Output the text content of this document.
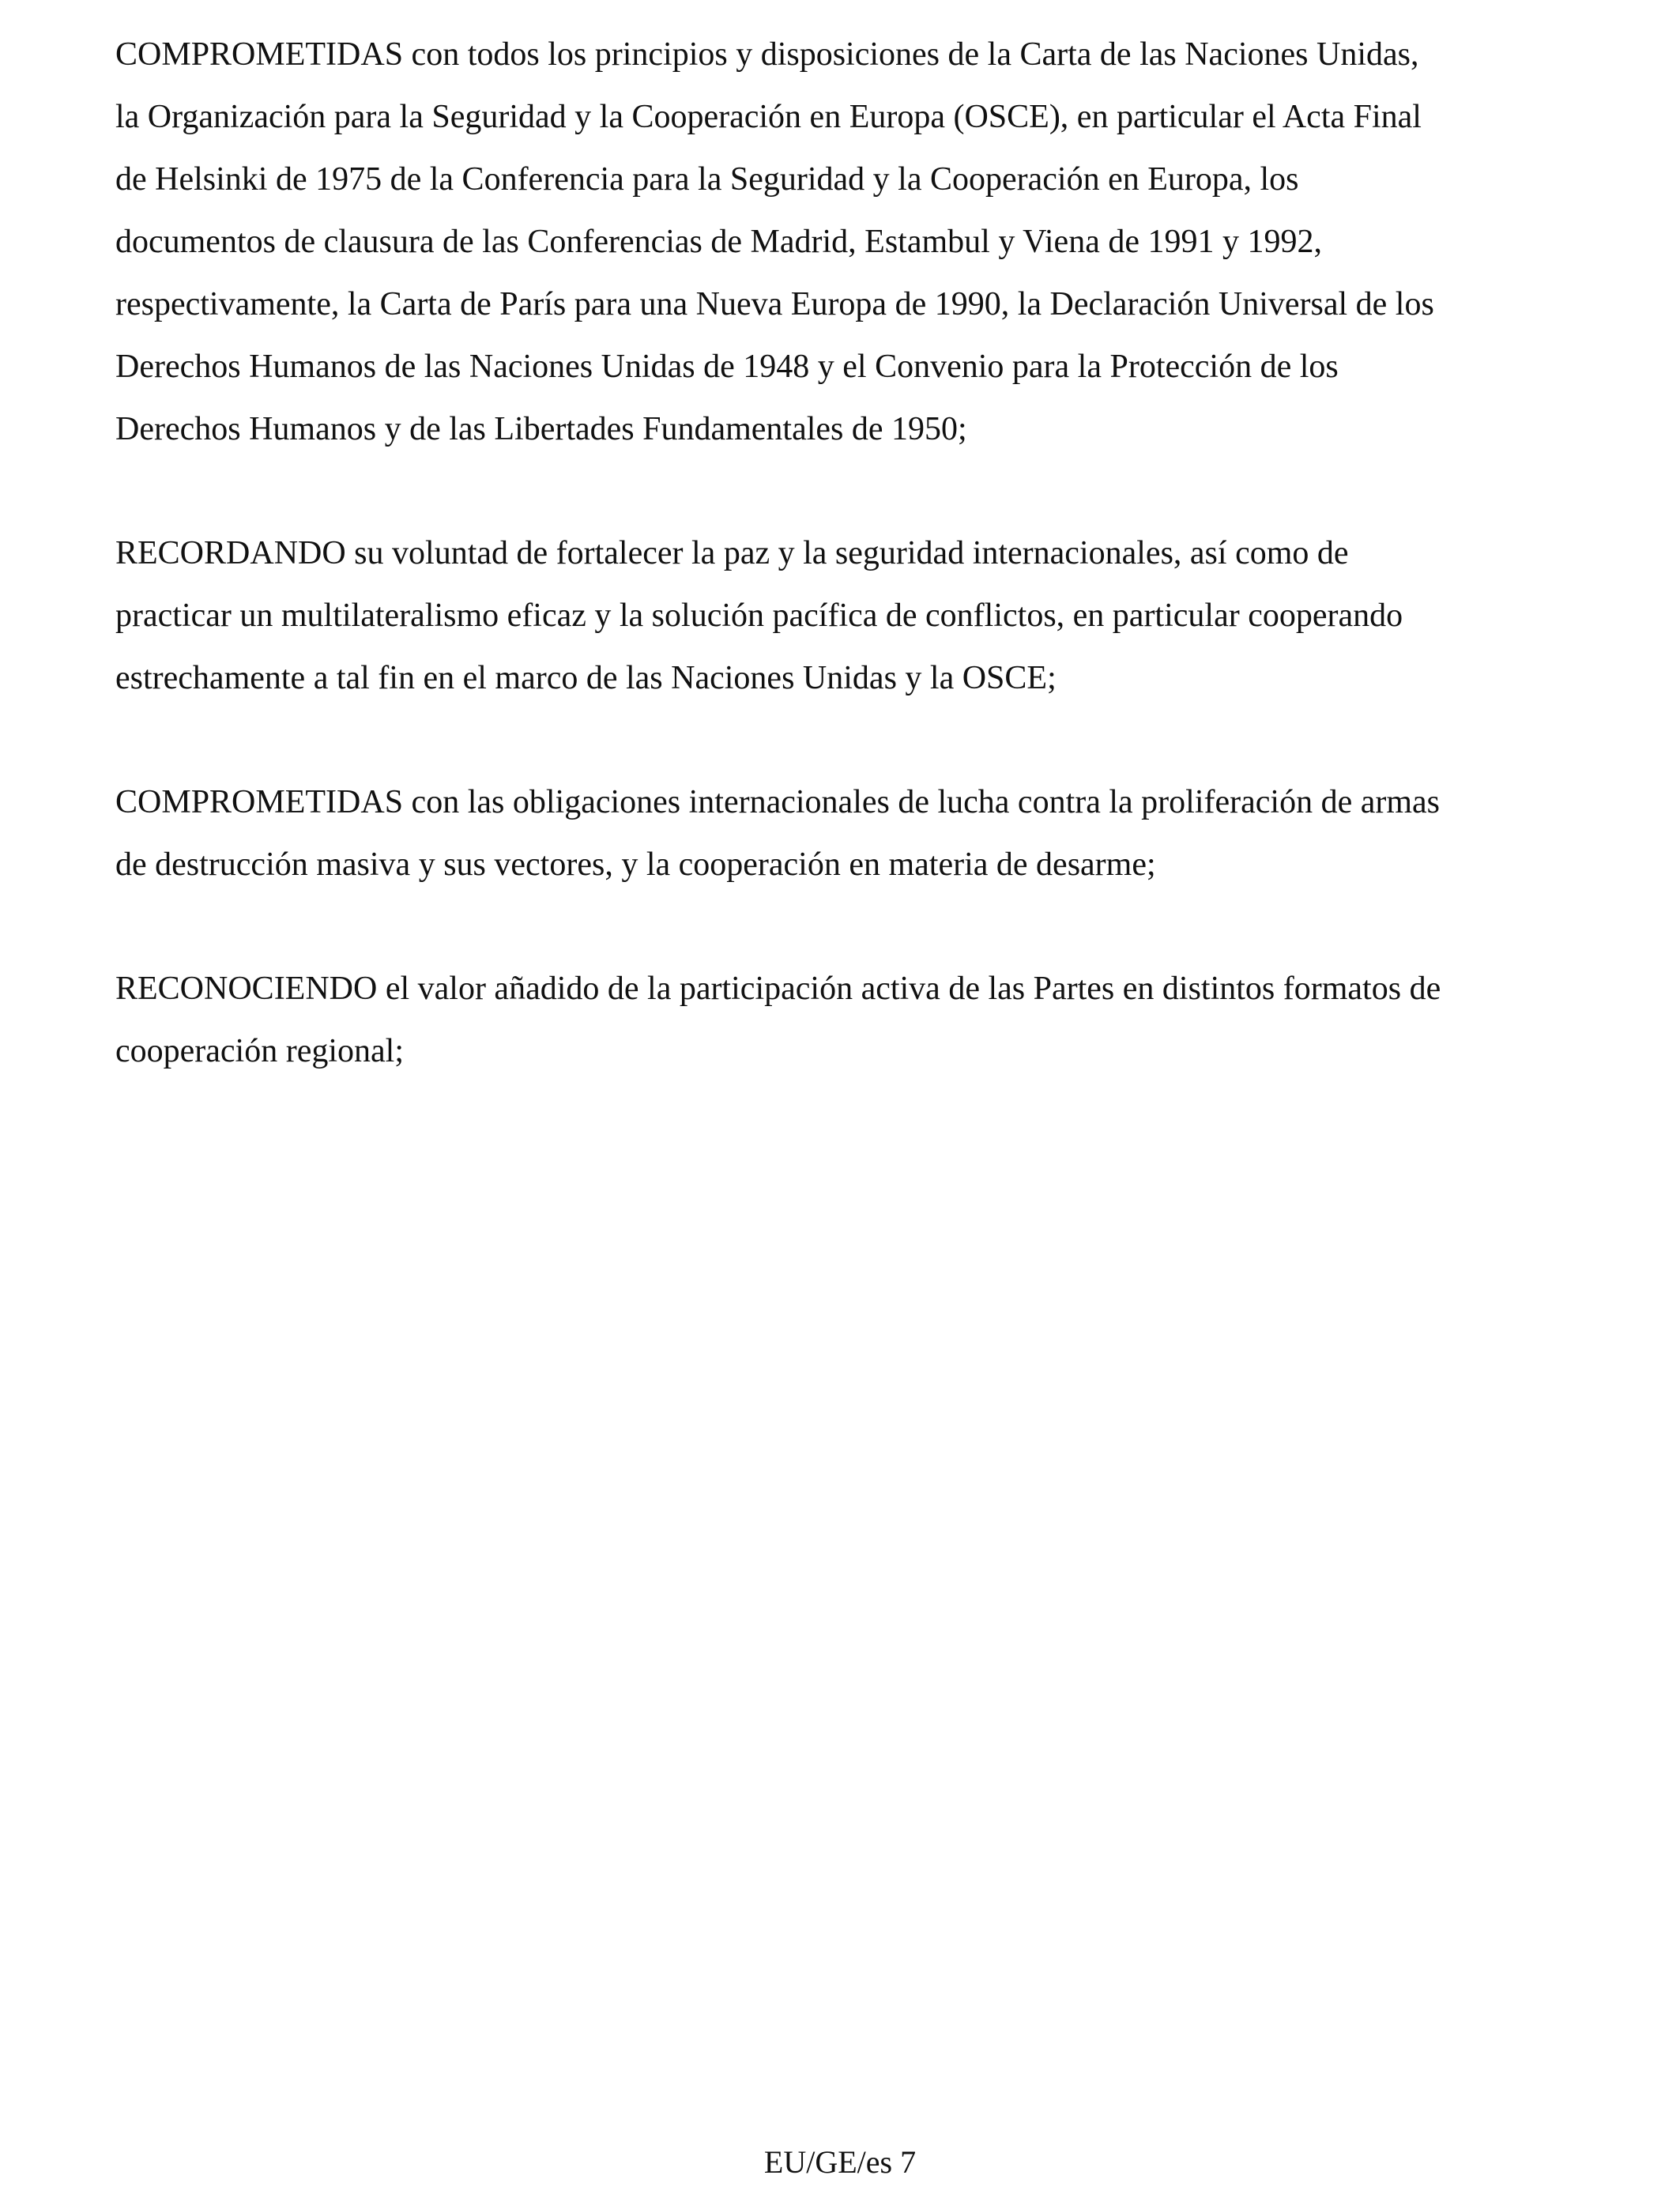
COMPROMETIDAS con todos los principios y disposiciones de la Carta de las Naciones Unidas,
la Organización para la Seguridad y la Cooperación en Europa (OSCE), en particular el Acta Final
de Helsinki de 1975 de la Conferencia para la Seguridad y la Cooperación en Europa, los
documentos de clausura de las Conferencias de Madrid, Estambul y Viena de 1991 y 1992,
respectivamente, la Carta de París para una Nueva Europa de 1990, la Declaración Universal de los
Derechos Humanos de las Naciones Unidas de 1948 y el Convenio para la Protección de los
Derechos Humanos y de las Libertades Fundamentales de 1950;

RECORDANDO su voluntad de fortalecer la paz y la seguridad internacionales, así como de
practicar un multilateralismo eficaz y la solución pacífica de conflictos, en particular cooperando
estrechamente a tal fin en el marco de las Naciones Unidas y la OSCE;

COMPROMETIDAS con las obligaciones internacionales de lucha contra la proliferación de armas
de destrucción masiva y sus vectores, y la cooperación en materia de desarme;

RECONOCIENDO el valor añadido de la participación activa de las Partes en distintos formatos de
cooperación regional;

EU/GE/es 7
